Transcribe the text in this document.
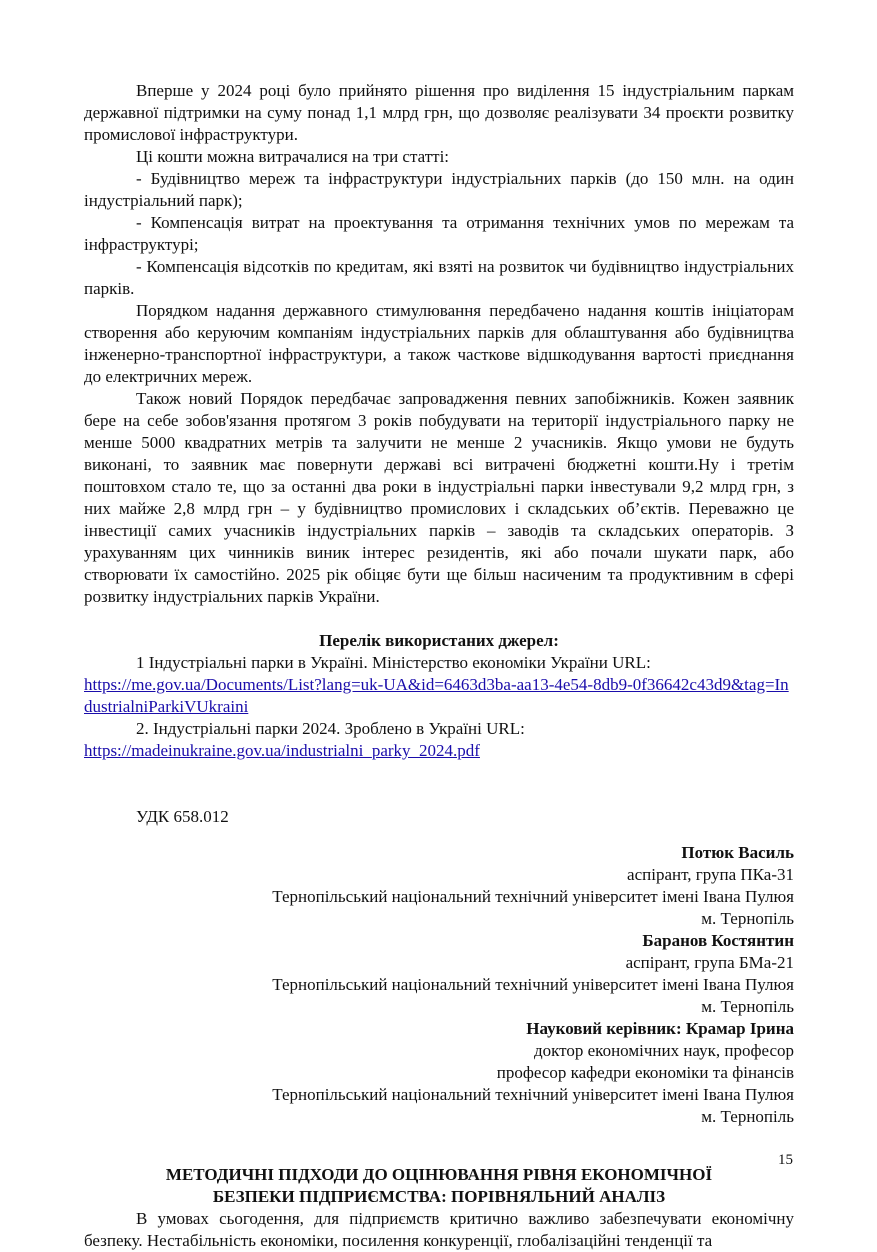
Вперше у 2024 році було прийнято рішення про виділення 15 індустріальним паркам державної підтримки на суму понад 1,1 млрд грн, що дозволяє реалізувати 34 проєкти розвитку промислової інфраструктури.

Ці кошти можна витрачалися на три статті:

- Будівництво мереж та інфраструктури індустріальних парків (до 150 млн. на один індустріальний парк);

- Компенсація витрат на проектування та отримання технічних умов по мережам та інфраструктурі;

- Компенсація відсотків по кредитам, які взяті на розвиток чи будівництво індустріальних парків.

Порядком надання державного стимулювання передбачено надання коштів ініціаторам створення або керуючим компаніям індустріальних парків для облаштування або будівництва інженерно-транспортної інфраструктури, а також часткове відшкодування вартості приєднання до електричних мереж.

Також новий Порядок передбачає запровадження певних запобіжників. Кожен заявник бере на себе зобов'язання протягом 3 років побудувати на території індустріального парку не менше 5000 квадратних метрів та залучити не менше 2 учасників. Якщо умови не будуть виконані, то заявник має повернути державі всі витрачені бюджетні кошти.Ну і третім поштовхом стало те, що за останні два роки в індустріальні парки інвестували 9,2 млрд грн, з них майже 2,8 млрд грн – у будівництво промислових і складських об’єктів. Переважно це інвестиції самих учасників індустріальних парків – заводів та складських операторів. З урахуванням цих чинників виник інтерес резидентів, які або почали шукати парк, або створювати їх самостійно. 2025 рік обіцяє бути ще більш насиченим та продуктивним в сфері розвитку індустріальних парків України.

Перелік використаних джерел:

1 Індустріальні парки в Україні. Міністерство економіки України URL:

https://me.gov.ua/Documents/List?lang=uk-UA&id=6463d3ba-aa13-4e54-8db9-0f36642c43d9&tag=IndustrialniParkiVUkraini

2. Індустріальні парки 2024. Зроблено в Україні URL:

https://madeinukraine.gov.ua/industrialni_parky_2024.pdf

УДК 658.012

Потюк Василь
аспірант, група ПКа-31
Тернопільський національний технічний університет імені Івана Пулюя
м. Тернопіль
Баранов Костянтин
аспірант, група БМа-21
Тернопільський національний технічний університет імені Івана Пулюя
м. Тернопіль
Науковий керівник: Крамар Ірина
доктор економічних наук, професор
професор кафедри економіки та фінансів
Тернопільський національний технічний університет імені Івана Пулюя
м. Тернопіль
МЕТОДИЧНІ ПІДХОДИ ДО ОЦІНЮВАННЯ РІВНЯ ЕКОНОМІЧНОЇ
БЕЗПЕКИ ПІДПРИЄМСТВА: ПОРІВНЯЛЬНИЙ АНАЛІЗ

В умовах сьогодення, для підприємств критично важливо забезпечувати економічну безпеку. Нестабільність економіки, посилення конкуренції, глобалізаційні тенденції та

15
